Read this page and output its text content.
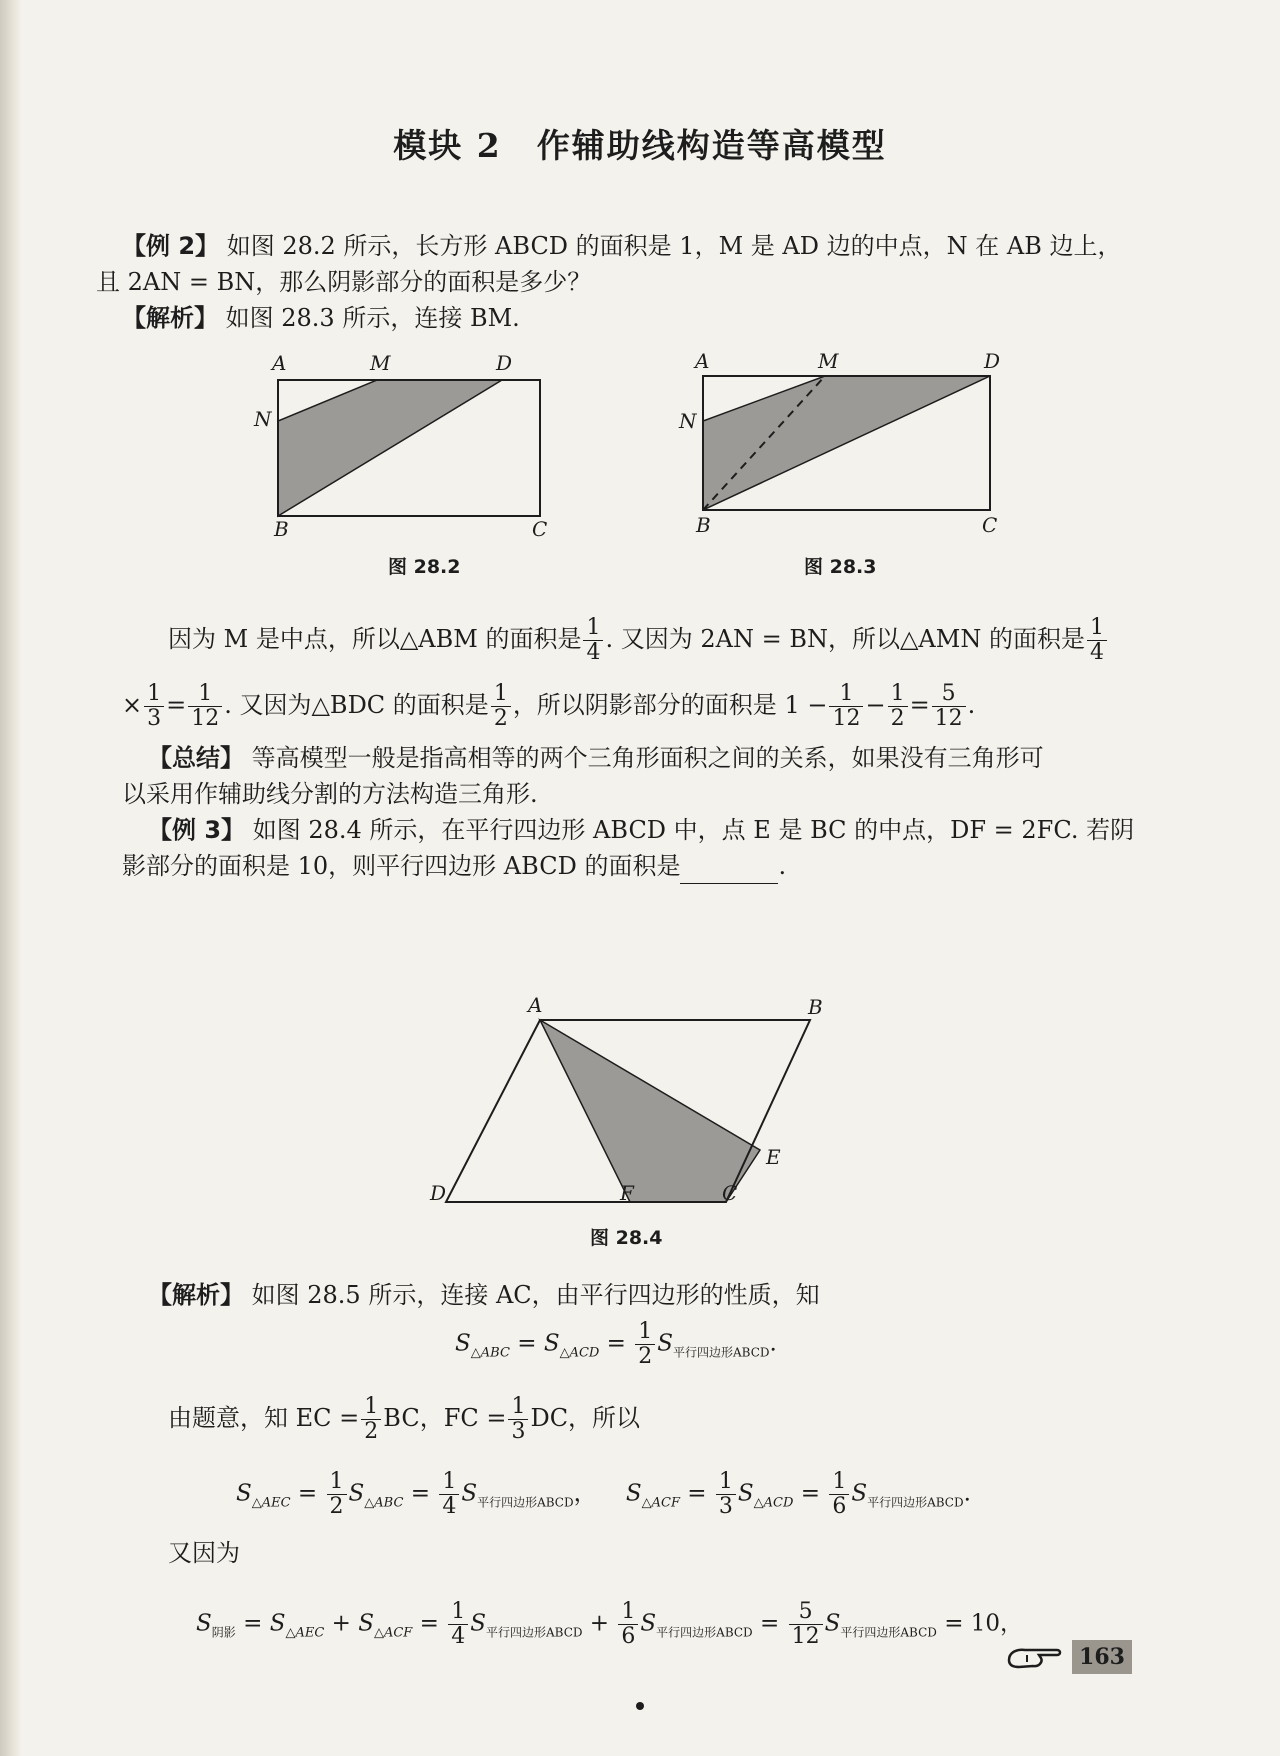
模块 2　作辅助线构造等高模型
【例 2】 如图 28.2 所示，长方形 ABCD 的面积是 1，M 是 AD 边的中点，N 在 AB 边上，
且 2AN = BN，那么阴影部分的面积是多少？
【解析】 如图 28.3 所示，连接 BM.
A	M	D
N
B	C
图 28.2
A	M	D
N
B	C
图 28.3
因为 M 是中点，所以△ABM 的面积是 $\frac{1}{4}$ . 又因为 2AN = BN，所以△AMN 的面积是 $\frac{1}{4}$
× $\frac{1}{3} = \frac{1}{12}$ . 又因为△BDC 的面积是 $\frac{1}{2}$ ，所以阴影部分的面积是 $1 - \frac{1}{12} - \frac{1}{2} = \frac{5}{12}$ .
【总结】 等高模型一般是指高相等的两个三角形面积之间的关系，如果没有三角形可
以采用作辅助线分割的方法构造三角形.
【例 3】 如图 28.4 所示，在平行四边形 ABCD 中，点 E 是 BC 的中点，DF = 2FC. 若阴
影部分的面积是 10，则平行四边形 ABCD 的面积是	.
A	B
E
D	F	C
图 28.4
【解析】 如图 28.5 所示，连接 AC，由平行四边形的性质，知
$S_{\triangle ABC} = S_{\triangle ACD} = \frac{1}{2} S_{平行四边形ABCD}$.
由题意，知 EC = $\frac{1}{2}$ BC，FC = $\frac{1}{3}$ DC，所以
$S_{\triangle AEC} = \frac{1}{2} S_{\triangle ABC} = \frac{1}{4} S_{平行四边形ABCD}$， $S_{\triangle ACF} = \frac{1}{3} S_{\triangle ACD} = \frac{1}{6} S_{平行四边形ABCD}$.
又因为
$S_{阴影} = S_{\triangle AEC} + S_{\triangle ACF} = \frac{1}{4} S_{平行四边形ABCD} + \frac{1}{6} S_{平行四边形ABCD} = \frac{5}{12} S_{平行四边形ABCD} = 10$，
163
